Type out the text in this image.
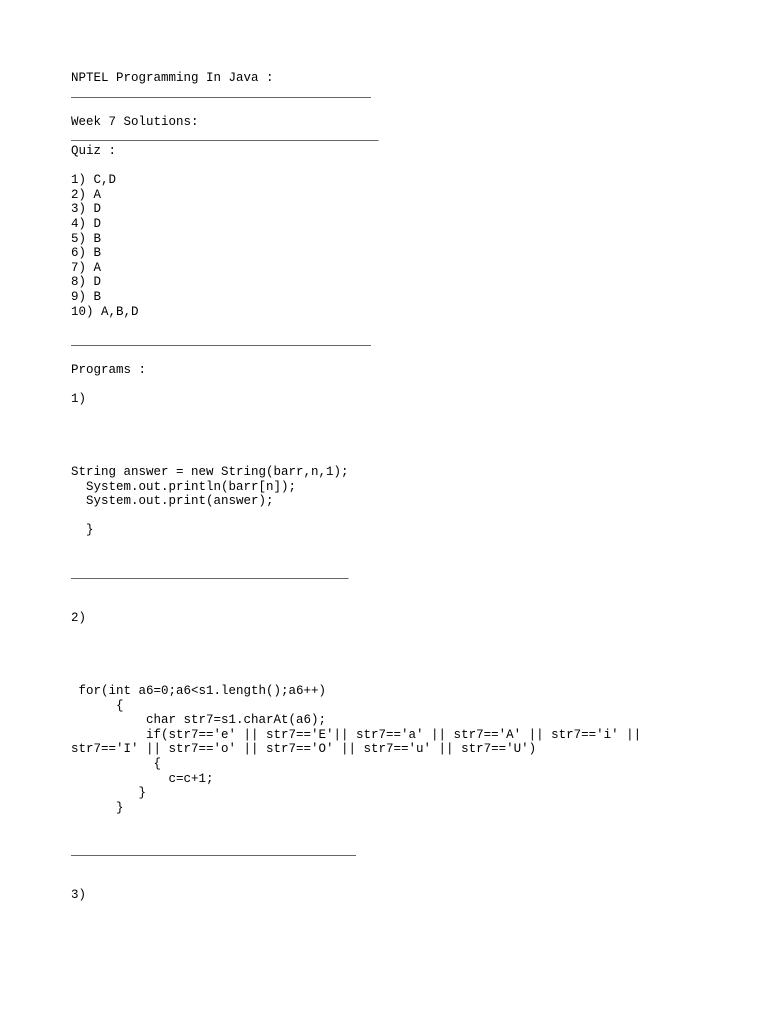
NPTEL Programming In Java :
________________________________________

Week 7 Solutions:
_________________________________________
Quiz :

1) C,D
2) A
3) D
4) D
5) B
6) B
7) A
8) D
9) B
10) A,B,D

________________________________________

Programs :

1)

String answer = new String(barr,n,1);
System.out.println(barr[n]);
System.out.print(answer);

}

_____________________________________

2)

for(int a6=0;a6<s1.length();a6++)
{
char str7=s1.charAt(a6);
if(str7=='e' || str7=='E'|| str7=='a' || str7=='A' || str7=='i' ||
str7=='I' || str7=='o' || str7=='O' || str7=='u' || str7=='U')
{
c=c+1;
}
}

______________________________________

3)
